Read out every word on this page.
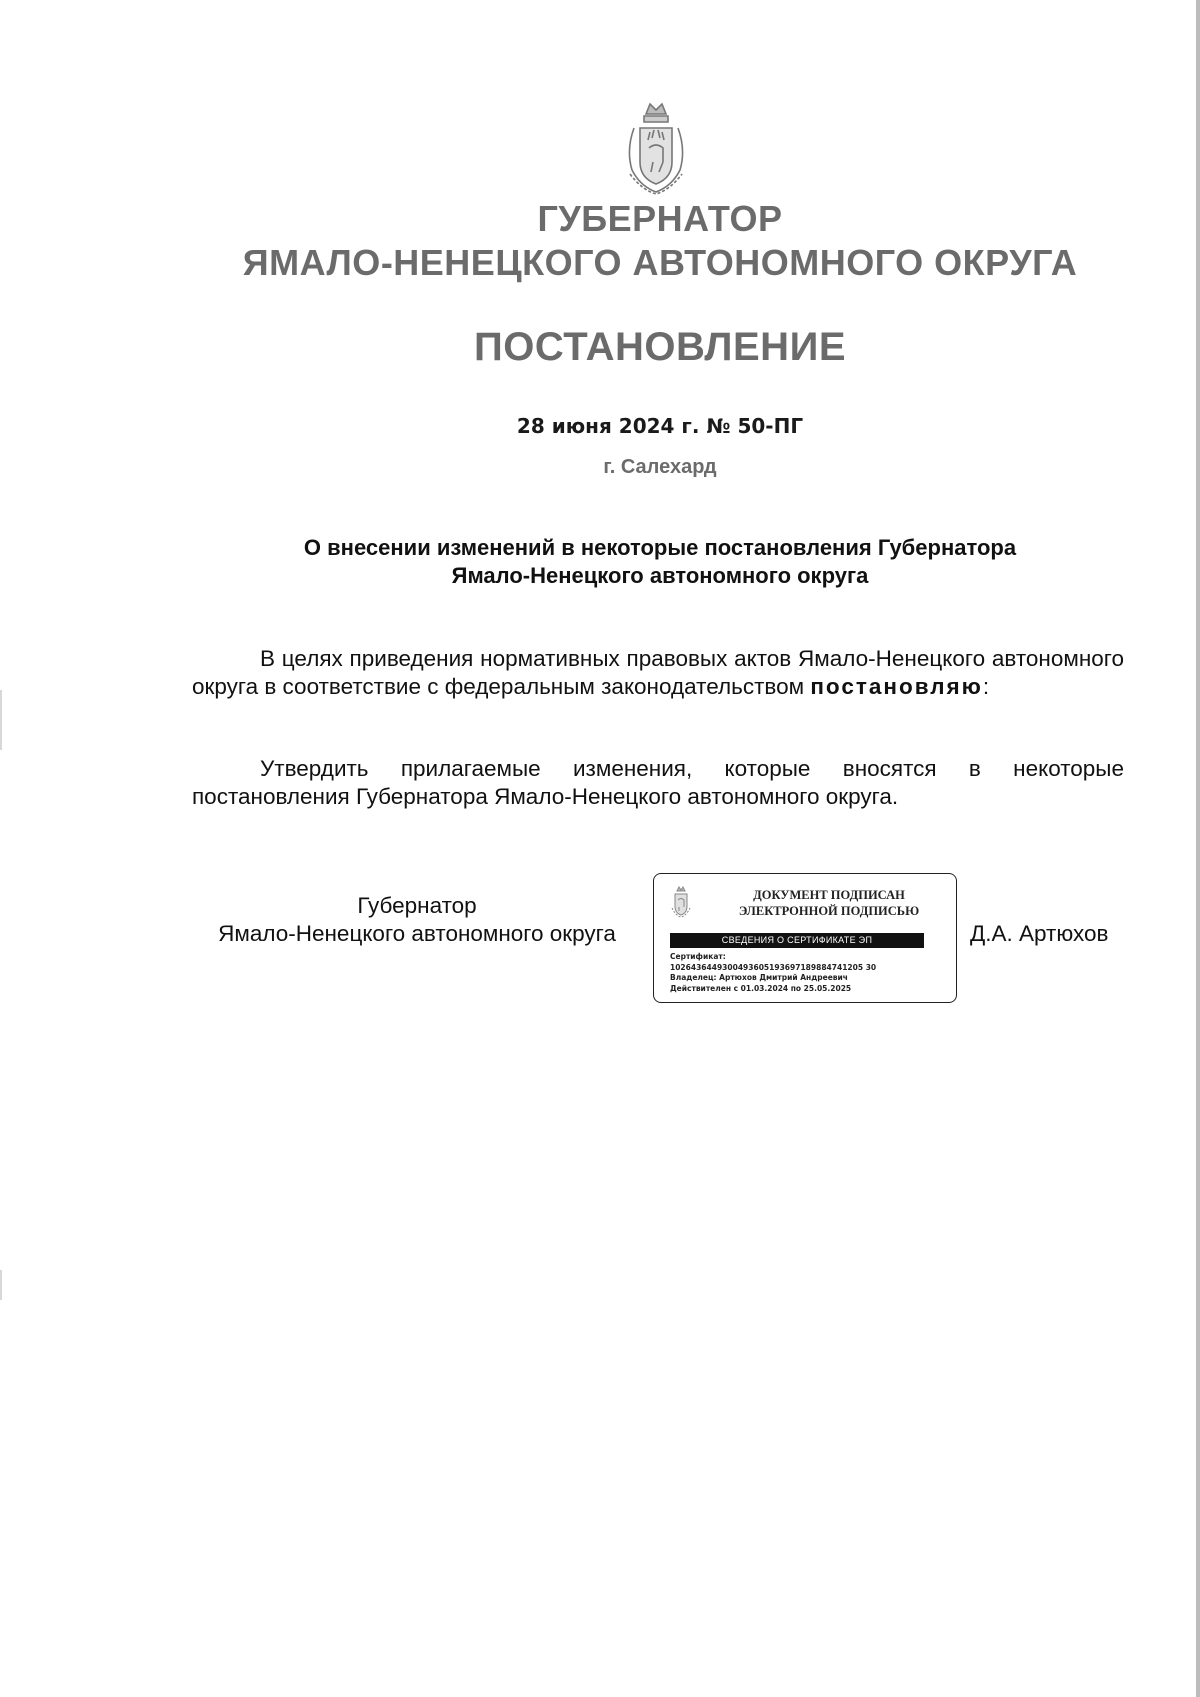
ГУБЕРНАТОР
ЯМАЛО-НЕНЕЦКОГО АВТОНОМНОГО ОКРУГА
ПОСТАНОВЛЕНИЕ
28 июня 2024 г. № 50-ПГ
г. Салехард
О внесении изменений в некоторые постановления Губернатора
Ямало-Ненецкого автономного округа
В целях приведения нормативных правовых актов Ямало-Ненецкого автономного округа в соответствие с федеральным законодательством постановляю:
Утвердить прилагаемые изменения, которые вносятся в некоторые постановления Губернатора Ямало-Ненецкого автономного округа.
Губернатор
Ямало-Ненецкого автономного округа
ДОКУМЕНТ ПОДПИСАН
ЭЛЕКТРОННОЙ ПОДПИСЬЮ
СВЕДЕНИЯ О СЕРТИФИКАТЕ ЭП
Сертификат:
1026436449300493605193697189884741205 30
Владелец: Артюхов Дмитрий Андреевич
Действителен с 01.03.2024 по 25.05.2025
Д.А. Артюхов
